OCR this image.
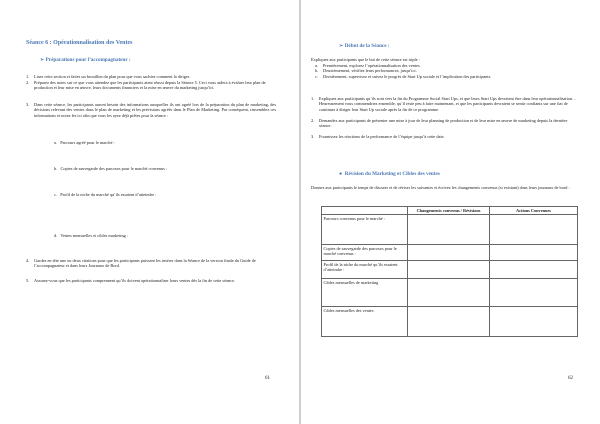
Séance 6 : Opérationnalisation des Ventes
➢ Préparations pour l’accompagnateur :
1. Lisez cette section et faites un brouillon du plan pour que vous sachiez comment la diriger.
2. Préparez des notes sur ce que vous attendez que les participants aient réussi depuis la Séance 5. Ceci vous aidera à évaluer leur plan de production et leur mise en œuvre, leurs documents financiers et la mise en œuvre du marketing jusqu’ici.
3. Dans cette séance, les participants auront besoin des informations auxquelles ils ont agréé lors de la préparation du plan de marketing, des décisions relevant des ventes dans le plan de marketing et les prévisions agréés dans le Plan de Marketing. Par conséquent, rassemblez ces informations et notez les ici afin que vous les ayez déjà prêtes pour la séance :
a. Parcours agréé pour le marché :
b. Copies de sauvegarde des parcours pour le marché convenus :
c. Profil de la niche du marché qu’ils essaient d’atteindre :
d. Ventes mensuelles et cibles marketing :
4. Gardez en tête une ou deux citations pour que les participants puissent les insérer dans la Séance de la version finale du Guide de l’accompagnateur et dans leurs Journaux de Bord.
5. Assurez-vous que les participants comprennent qu’ils doivent opérationnaliser leurs ventes dès la fin de cette séance.
61
➢ Début de la Séance :
Expliquez aux participants que le but de cette séance est triple :
a. Premièrement, explorez l’opérationnalisation des ventes.
b. Deuxièmement, vérifiez leurs performances, jusqu’ici.
c. Dernièrement, supervisez et suivez le progrès de Start Up sociale et l’implication des participants.
1. Expliquez aux participants qu’ils sont vers la fin du Programme Social Start Ups, et que leurs Start Ups devraient être dans leur opérationnalisation… Heureusement vous commendriez ensemble, qu’il reste peu à faire maintenant, et que les participants devraient se sentir confiants sur une fiat de continuer à diriger leur Start Up sociale après la fin de ce programme.
2. Demandez aux participants de présenter une mise à jour de leur planning de production et de leur mise en œuvre de marketing depuis la dernière séance.
3. Fournissez les réactions de la performance de l’équipe jusqu’à cette date.
● Révision du Marketing et Cibles des ventes
Donnez aux participants le temps de discuter et de réviser les suivantes et écrivez les changements convenus (si existant) dans leurs journaux de bord :
	Changements convenus / Révisions	Actions Convenues
Parcours convenus pour le marché :		
Copies de sauvegarde des parcours pour le marché convenus :		
Profil de la niche du marché qu’ils essaient d’atteindre :		
Cibles mensuelles de marketing		
Cibles mensuelles des ventes		
62
